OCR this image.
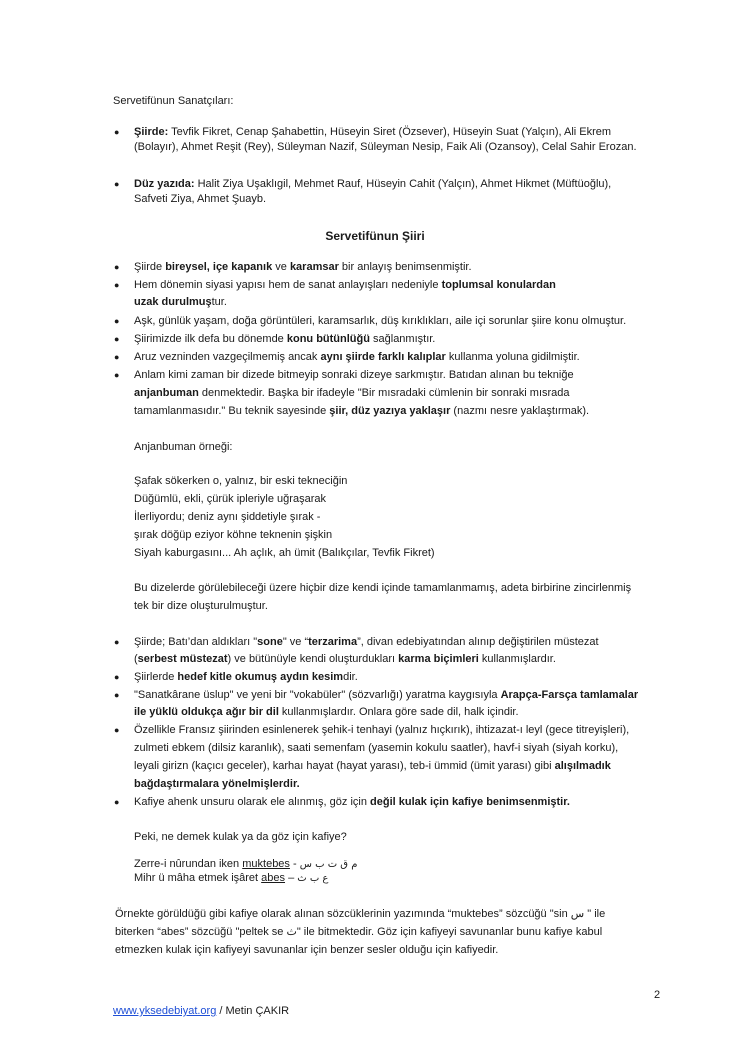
Servetifünun Sanatçıları:
● Şiirde: Tevfik Fikret, Cenap Şahabettin, Hüseyin Siret (Özsever), Hüseyin Suat (Yalçın), Ali Ekrem
(Bolayır), Ahmet Reşit (Rey), Süleyman Nazif, Süleyman Nesip, Faik Ali (Ozansoy), Celal Sahir Erozan.
● Düz yazıda: Halit Ziya Uşaklıgil, Mehmet Rauf, Hüseyin Cahit (Yalçın), Ahmet Hikmet (Müftüoğlu),
Safveti Ziya, Ahmet Şuayb.
Servetifünun Şiiri
● Şiirde bireysel, içe kapanık ve karamsar bir anlayış benimsenmiştir.
● Hem dönemin siyasi yapısı hem de sanat anlayışları nedeniyle toplumsal konulardan
uzak durulmuştur.
● Aşk, günlük yaşam, doğa görüntüleri, karamsarlık, düş kırıklıkları, aile içi sorunlar şiire konu olmuştur.
● Şiirimizde ilk defa bu dönemde konu bütünlüğü sağlanmıştır.
● Aruz vezninden vazgeçilmemiş ancak aynı şiirde farklı kalıplar kullanma yoluna gidilmiştir.
● Anlam kimi zaman bir dizede bitmeyip sonraki dizeye sarkmıştır. Batıdan alınan bu tekniğe
anjanbuman denmektedir. Başka bir ifadeyle "Bir mısradaki cümlenin bir sonraki mısrada
tamamlanmasıdır." Bu teknik sayesinde şiir, düz yazıya yaklaşır (nazmı nesre yaklaştırmak).
Anjanbuman örneği:
Şafak sökerken o, yalnız, bir eski tekneciğin
Düğümlü, ekli, çürük ipleriyle uğraşarak
İlerliyordu; deniz aynı şiddetiyle şırak -
şırak döğüp eziyor köhne teknenin şişkin
Siyah kaburgasını... Ah açlık, ah ümit (Balıkçılar, Tevfik Fikret)
Bu dizelerde görülebileceği üzere hiçbir dize kendi içinde tamamlanmamış, adeta birbirine zincirlenmiş
tek bir dize oluşturulmuştur.
● Şiirde; Batı’dan aldıkları "sone" ve “terzarima”, divan edebiyatından alınıp değiştirilen müstezat
(serbest müstezat) ve bütünüyle kendi oluşturdukları karma biçimleri kullanmışlardır.
● Şiirlerde hedef kitle okumuş aydın kesimdir.
● "Sanatkârane üslup" ve yeni bir "vokabüler" (sözvarlığı) yaratma kaygısıyla Arapça-Farsça tamlamalar
ile yüklü oldukça ağır bir dil kullanmışlardır. Onlara göre sade dil, halk içindir.
● Özellikle Fransız şiirinden esinlenerek şehik-i tenhayi (yalnız hıçkırık), ihtizazat-ı leyl (gece titreyişleri),
zulmeti ebkem (dilsiz karanlık), saati semenfam (yasemin kokulu saatler), havf-i siyah (siyah korku),
leyali girizn (kaçıcı geceler), karhaı hayat (hayat yarası), teb-i ümmid (ümit yarası) gibi alışılmadık
bağdaştırmalara yönelmişlerdir.
● Kafiye ahenk unsuru olarak ele alınmış, göz için değil kulak için kafiye benimsenmiştir.
Peki, ne demek kulak ya da göz için kafiye?
Zerre-i nûrundan iken muktebes - م ق ت ب س
Mihr ü mâha etmek işâret abes – ع ب ث
Örnekte görüldüğü gibi kafiye olarak alınan sözcüklerinin yazımında “muktebes” sözcüğü "sin س " ile
biterken “abes” sözcüğü "peltek se ث" ile bitmektedir. Göz için kafiyeyi savunanlar bunu kafiye kabul
etmezken kulak için kafiyeyi savunanlar için benzer sesler olduğu için kafiyedir.
2
www.yksedebiyat.org / Metin ÇAKIR
